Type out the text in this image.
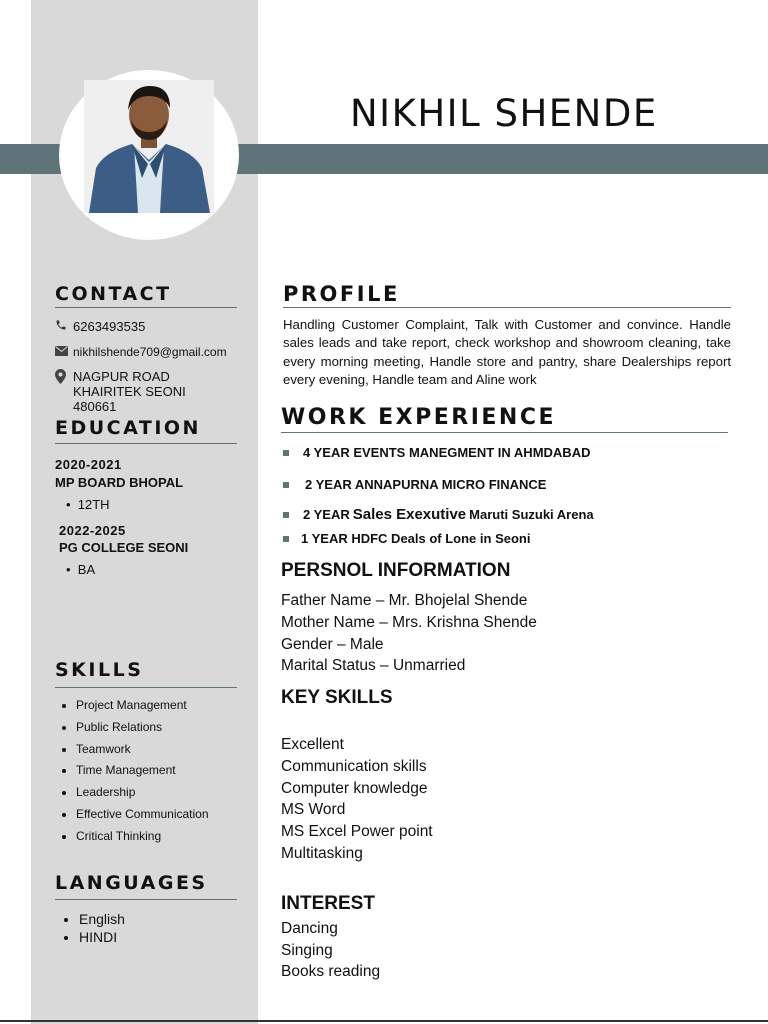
NIKHIL SHENDE
CONTACT
6263493535
nikhilshende709@gmail.com
NAGPUR ROAD
KHAIRITEK SEONI
480661
EDUCATION
2020-2021
MP BOARD BHOPAL
•  12TH
2022-2025
PG COLLEGE SEONI
•  BA
SKILLS
• Project Management
• Public Relations
• Teamwork
• Time Management
• Leadership
• Effective Communication
• Critical Thinking
LANGUAGES
• English
• HINDI
PROFILE

Handling Customer Complaint, Talk with Customer and convince. Handle sales leads and take report, check workshop and showroom cleaning, take every morning meeting, Handle store and pantry, share Dealerships report every evening, Handle team and Aline work

WORK EXPERIENCE
4 YEAR EVENTS MANEGMENT IN AHMDABAD
2 YEAR ANNAPURNA MICRO FINANCE
2 YEAR Sales Exexutive Maruti Suzuki Arena
1 YEAR HDFC Deals of Lone in Seoni
PERSNOL INFORMATION
Father Name – Mr. Bhojelal Shende
Mother Name – Mrs. Krishna Shende
Gender – Male
Marital Status – Unmarried
KEY SKILLS
Excellent
Communication skills
Computer knowledge
MS Word
MS Excel Power point
Multitasking
INTEREST
Dancing
Singing
Books reading
